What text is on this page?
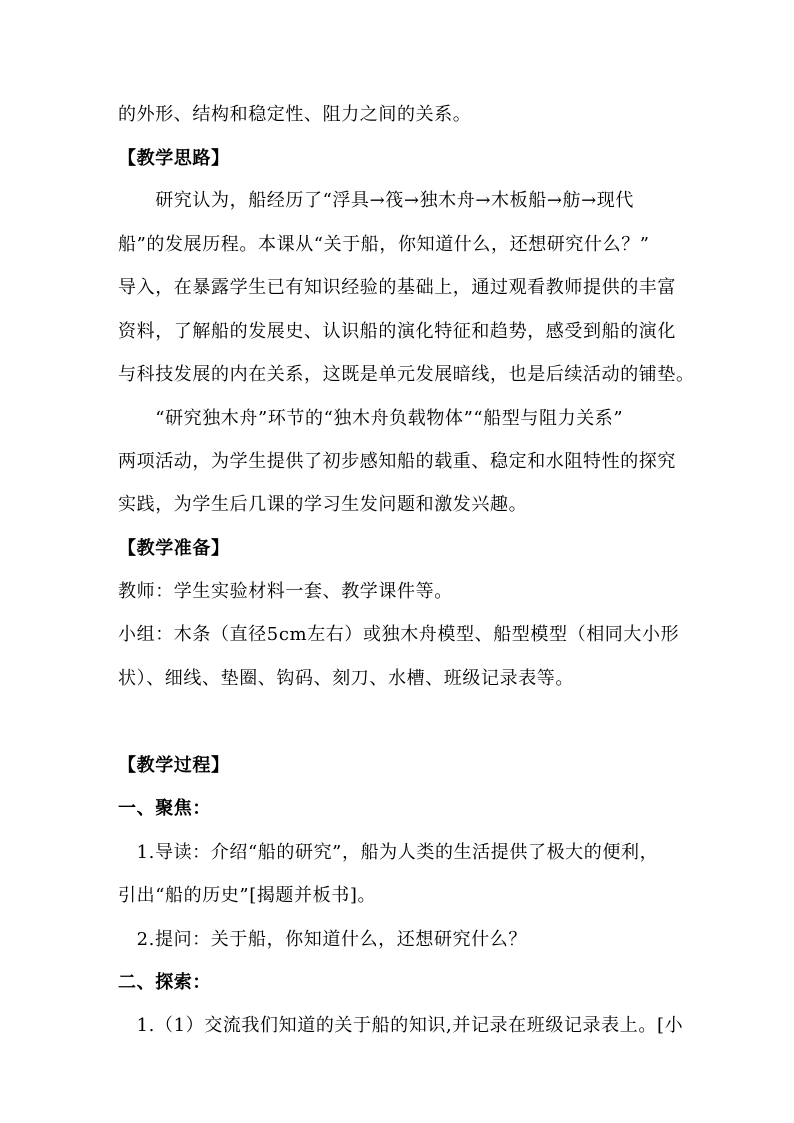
的外形、结构和稳定性、阻力之间的关系。
【教学思路】
　　研究认为，船经历了“浮具→筏→独木舟→木板船→舫→现代
船”的发展历程。本课从“关于船，你知道什么，还想研究什么？”
导入，在暴露学生已有知识经验的基础上，通过观看教师提供的丰富
资料，了解船的发展史、认识船的演化特征和趋势，感受到船的演化
与科技发展的内在关系，这既是单元发展暗线，也是后续活动的铺垫。
　　“研究独木舟”环节的“独木舟负载物体”“船型与阻力关系”
两项活动，为学生提供了初步感知船的载重、稳定和水阻特性的探究
实践，为学生后几课的学习生发问题和激发兴趣。
【教学准备】
教师：学生实验材料一套、教学课件等。
小组：木条（直径5cm左右）或独木舟模型、船型模型（相同大小形
状）、细线、垫圈、钩码、刻刀、水槽、班级记录表等。
【教学过程】
一、聚焦：
　1.导读：介绍“船的研究”，船为人类的生活提供了极大的便利，
引出“船的历史”[揭题并板书]。
　2.提问：关于船，你知道什么，还想研究什么？
二、探索：
　1.（1）交流我们知道的关于船的知识,并记录在班级记录表上。[小
